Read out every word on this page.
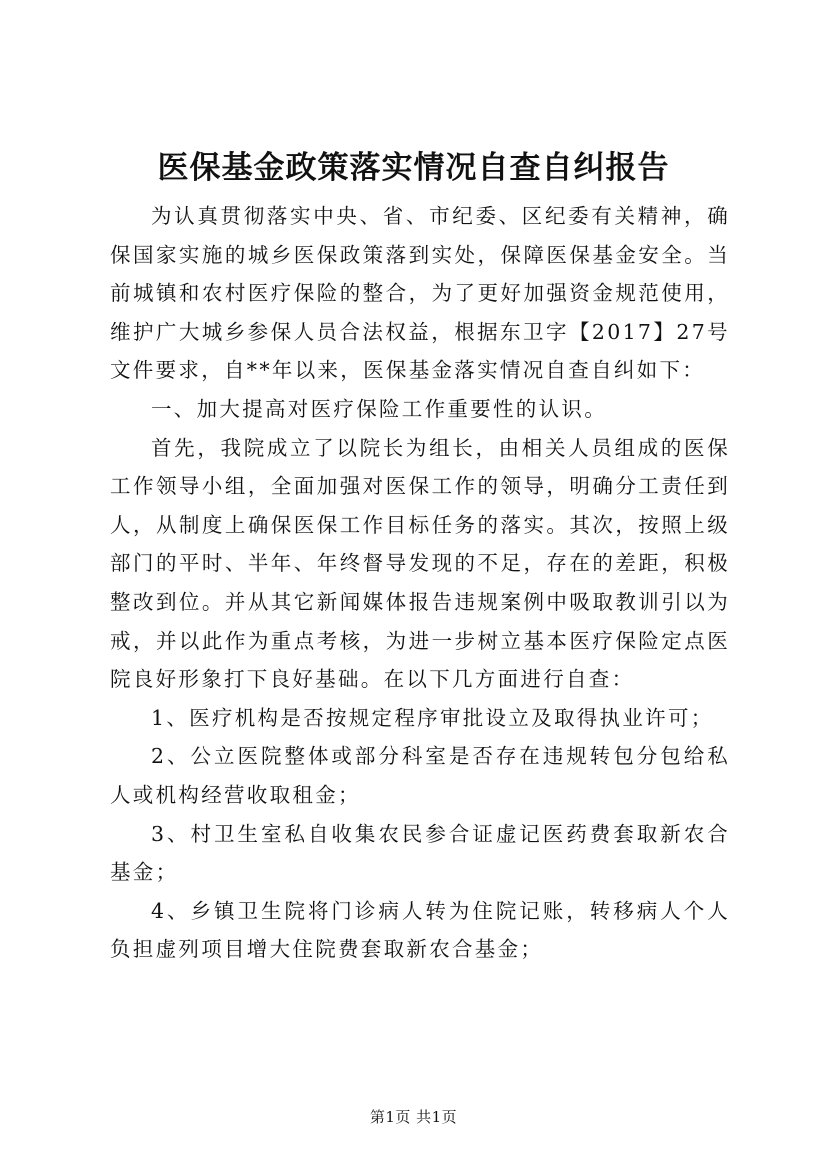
医保基金政策落实情况自查自纠报告

为认真贯彻落实中央、省、市纪委、区纪委有关精神，确保国家实施的城乡医保政策落到实处，保障医保基金安全。当前城镇和农村医疗保险的整合，为了更好加强资金规范使用，维护广大城乡参保人员合法权益，根据东卫字【2017】27号文件要求，自**年以来，医保基金落实情况自查自纠如下：

一、加大提高对医疗保险工作重要性的认识。

首先，我院成立了以院长为组长，由相关人员组成的医保工作领导小组，全面加强对医保工作的领导，明确分工责任到人，从制度上确保医保工作目标任务的落实。其次，按照上级部门的平时、半年、年终督导发现的不足，存在的差距，积极整改到位。并从其它新闻媒体报告违规案例中吸取教训引以为戒，并以此作为重点考核，为进一步树立基本医疗保险定点医院良好形象打下良好基础。在以下几方面进行自查：

1、医疗机构是否按规定程序审批设立及取得执业许可；

2、公立医院整体或部分科室是否存在违规转包分包给私人或机构经营收取租金；

3、村卫生室私自收集农民参合证虚记医药费套取新农合基金；

4、乡镇卫生院将门诊病人转为住院记账，转移病人个人负担虚列项目增大住院费套取新农合基金；

第1页 共1页
